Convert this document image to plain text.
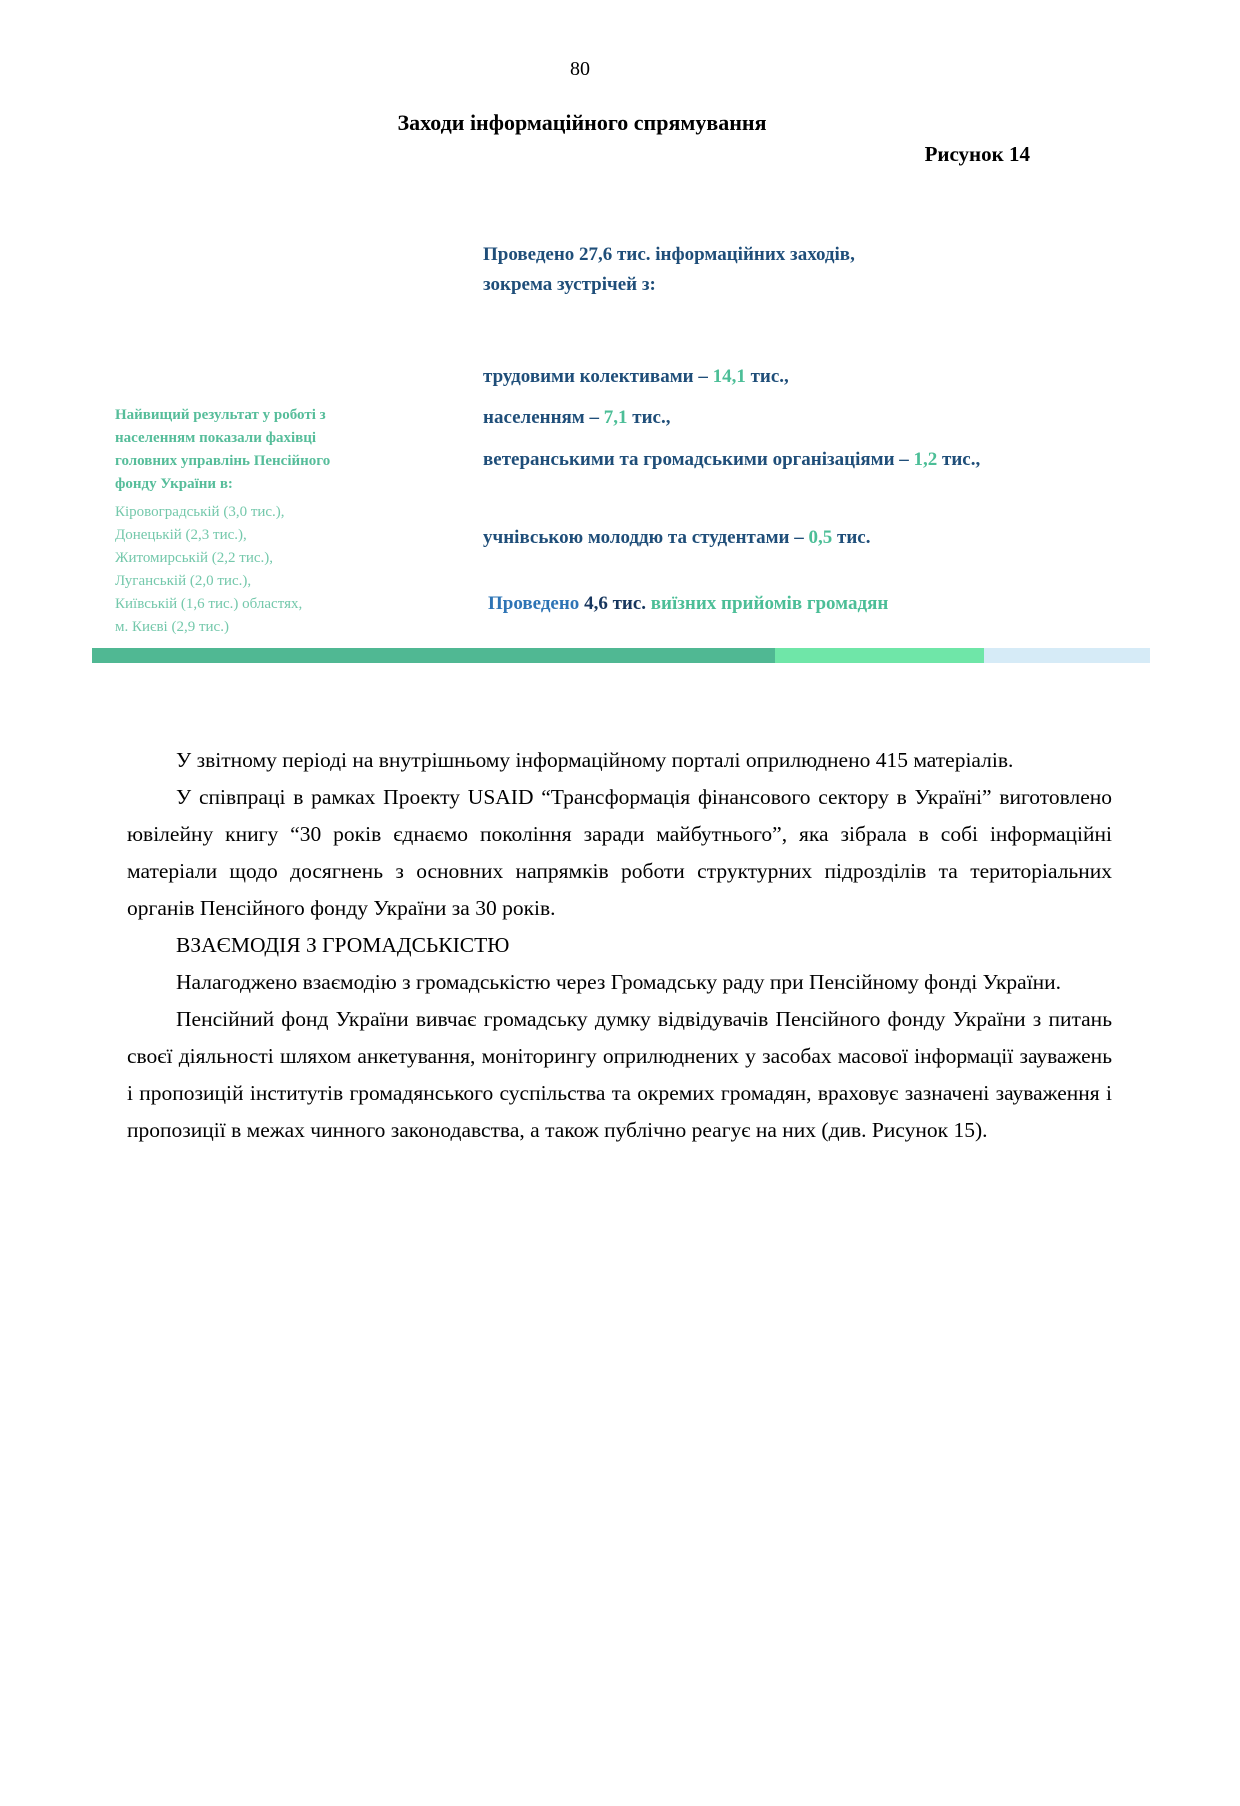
80
Заходи інформаційного спрямування
Рисунок 14
Проведено 27,6 тис. інформаційних заходів,
зокрема зустрічей з:
трудовими колективами – 14,1 тис.,
населенням – 7,1 тис.,
ветеранськими та громадськими організаціями – 1,2 тис.,
учнівською молоддю та студентами – 0,5 тис.
Проведено 4,6 тис. виїзних прийомів громадян
Найвищий результат у роботі з населенням показали фахівці головних управлінь Пенсійного фонду України в:
Кіровоградській (3,0 тис.),
Донецькій (2,3 тис.),
Житомирській (2,2 тис.),
Луганській (2,0 тис.),
Київській (1,6 тис.) областях,
м. Києві (2,9 тис.)

У звітному періоді на внутрішньому інформаційному порталі оприлюднено 415 матеріалів.

У співпраці в рамках Проекту USAID “Трансформація фінансового сектору в Україні” виготовлено ювілейну книгу “30 років єднаємо покоління заради майбутнього”, яка зібрала в собі інформаційні матеріали щодо досягнень з основних напрямків роботи структурних підрозділів та територіальних органів Пенсійного фонду України за 30 років.

ВЗАЄМОДІЯ З ГРОМАДСЬКІСТЮ

Налагоджено взаємодію з громадськістю через Громадську раду при Пенсійному фонді України.

Пенсійний фонд України вивчає громадську думку відвідувачів Пенсійного фонду України з питань своєї діяльності шляхом анкетування, моніторингу оприлюднених у засобах масової інформації зауважень і пропозицій інститутів громадянського суспільства та окремих громадян, враховує зазначені зауваження і пропозиції в межах чинного законодавства, а також публічно реагує на них (див. Рисунок 15).
